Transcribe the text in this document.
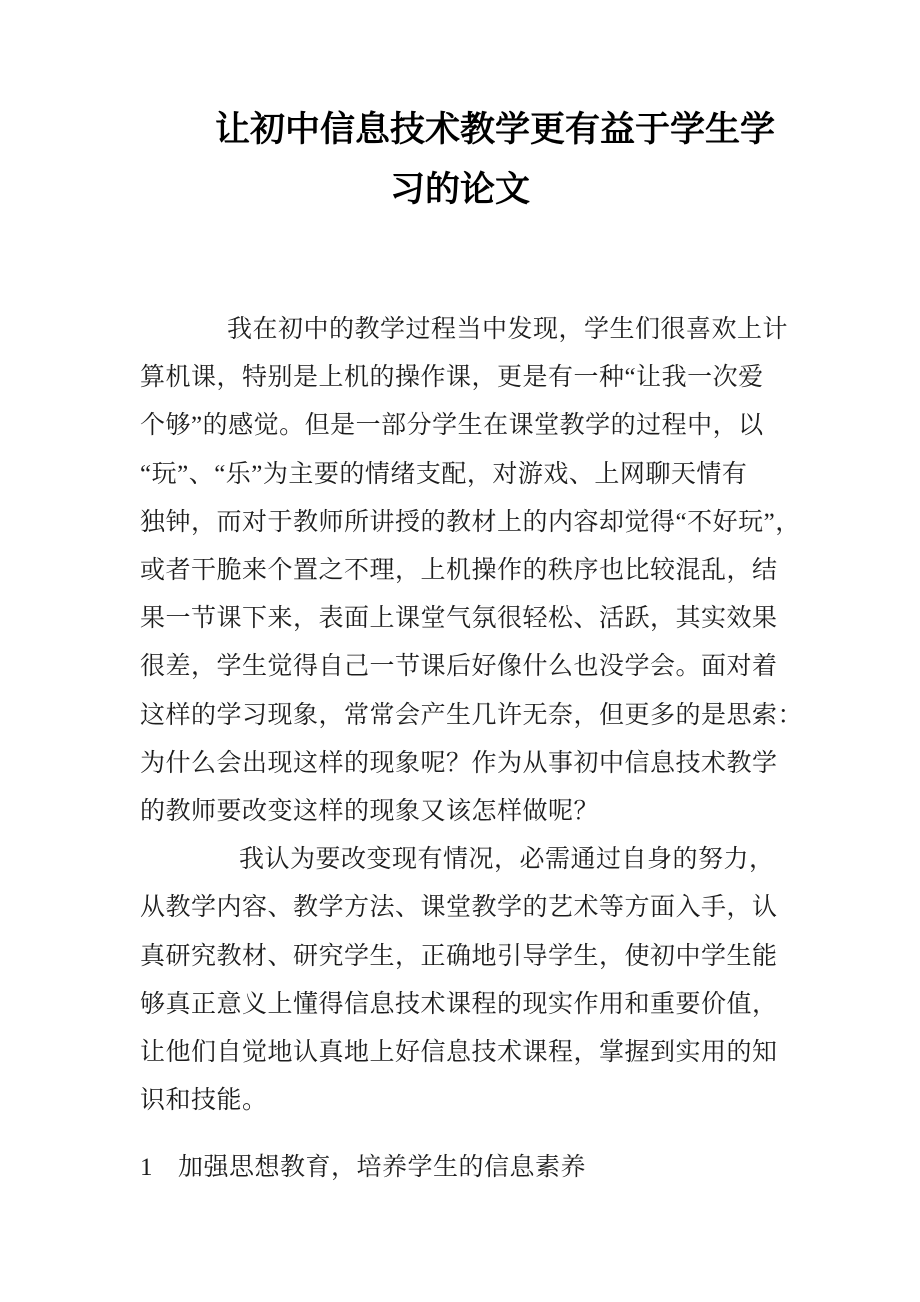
让初中信息技术教学更有益于学生学
习的论文
我在初中的教学过程当中发现，学生们很喜欢上计
算机课，特别是上机的操作课，更是有一种“让我一次爱
个够”的感觉。但是一部分学生在课堂教学的过程中，以
“玩”、“乐”为主要的情绪支配，对游戏、上网聊天情有
独钟，而对于教师所讲授的教材上的内容却觉得“不好玩”，
或者干脆来个置之不理，上机操作的秩序也比较混乱，结
果一节课下来，表面上课堂气氛很轻松、活跃，其实效果
很差，学生觉得自己一节课后好像什么也没学会。面对着
这样的学习现象，常常会产生几许无奈，但更多的是思索：
为什么会出现这样的现象呢？作为从事初中信息技术教学
的教师要改变这样的现象又该怎样做呢？
我认为要改变现有情况，必需通过自身的努力，
从教学内容、教学方法、课堂教学的艺术等方面入手，认
真研究教材、研究学生，正确地引导学生，使初中学生能
够真正意义上懂得信息技术课程的现实作用和重要价值，
让他们自觉地认真地上好信息技术课程，掌握到实用的知
识和技能。
1 加强思想教育，培养学生的信息素养
